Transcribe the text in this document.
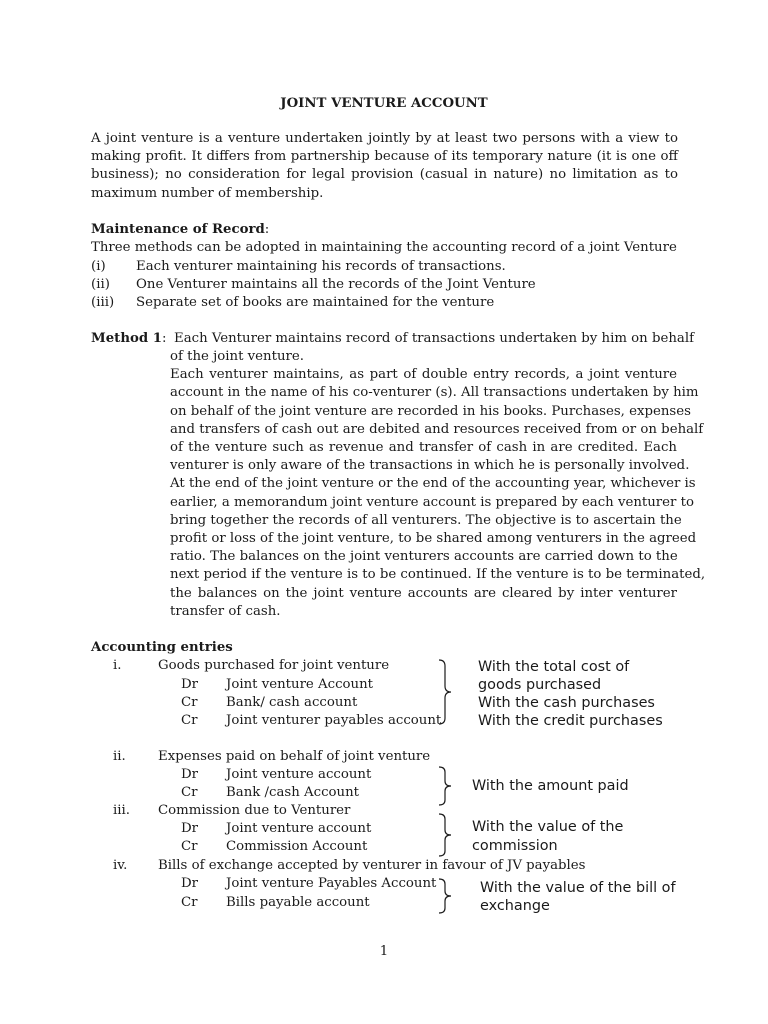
JOINT VENTURE ACCOUNT
A joint venture is a venture undertaken jointly by at least two persons with a view to making profit. It differs from partnership because of its temporary nature (it is one off business); no consideration for legal provision (casual in nature) no limitation as to maximum number of membership.
Maintenance of Record:
Three methods can be adopted in maintaining the accounting record of a joint Venture
(i) Each venturer maintaining his records of transactions.
(ii) One Venturer maintains all the records of the Joint Venture
(iii) Separate set of books are maintained for the venture
Method 1: Each Venturer maintains record of transactions undertaken by him on behalf
of the joint venture.
Each venturer maintains, as part of double entry records, a joint venture
account in the name of his co-venturer (s). All transactions undertaken by him
on behalf of the joint venture are recorded in his books. Purchases, expenses
and transfers of cash out are debited and resources received from or on behalf
of the venture such as revenue and transfer of cash in are credited. Each
venturer is only aware of the transactions in which he is personally involved.
At the end of the joint venture or the end of the accounting year, whichever is
earlier, a memorandum joint venture account is prepared by each venturer to
bring together the records of all venturers. The objective is to ascertain the
profit or loss of the joint venture, to be shared among venturers in the agreed
ratio. The balances on the joint venturers accounts are carried down to the
next period if the venture is to be continued. If the venture is to be terminated,
the balances on the joint venture accounts are cleared by inter venturer
transfer of cash.
Accounting entries
i.	Goods purchased for joint venture
Dr Joint venture Account
Cr Bank/ cash account
Cr Joint venturer payables account
With the total cost of
goods purchased
With the cash purchases
With the credit purchases
ii. Expenses paid on behalf of joint venture
Dr Joint venture account
Cr Bank /cash Account	With the amount paid
iii. Commission due to Venturer
Dr Joint venture account
Cr Commission Account
With the value of the
commission
iv. Bills of exchange accepted by venturer in favour of JV payables
Dr Joint venture Payables Account
Cr Bills payable account
With the value of the bill of
exchange
1
